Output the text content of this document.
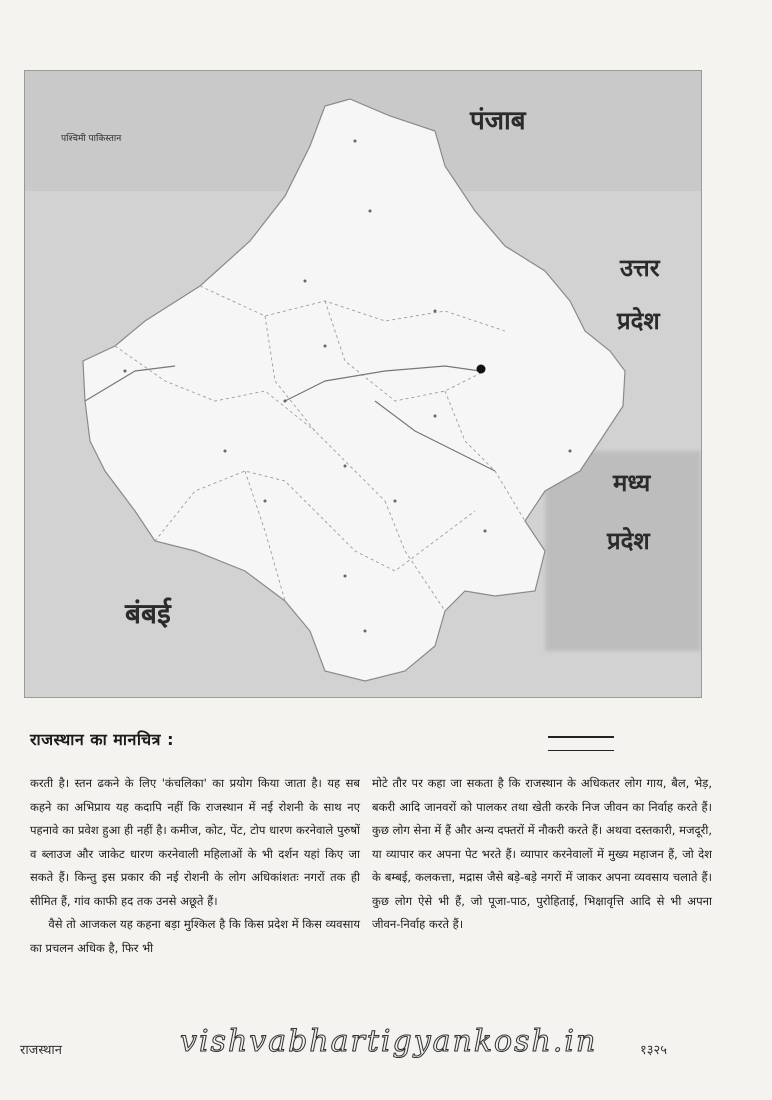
पंजाब
उत्तर
प्रदेश
मध्य
प्रदेश
बंबई
पश्चिमी पाकिस्तान
राजस्थान का मानचित्र :

करती है। स्तन ढकने के लिए 'कंचलिका' का प्रयोग किया जाता है। यह सब कहने का अभिप्राय यह कदापि नहीं कि राजस्थान में नई रोशनी के साथ नए पहनावे का प्रवेश हुआ ही नहीं है। कमीज, कोट, पेंट, टोप धारण करनेवाले पुरुषों व ब्लाउज और जाकेट धारण करनेवाली महिलाओं के भी दर्शन यहां किए जा सकते हैं। किन्तु इस प्रकार की नई रोशनी के लोग अधिकांशतः नगरों तक ही सीमित हैं, गांव काफी हद तक उनसे अछूते हैं।

वैसे तो आजकल यह कहना बड़ा मुश्किल है कि किस प्रदेश में किस व्यवसाय का प्रचलन अधिक है, फिर भी

मोटे तौर पर कहा जा सकता है कि राजस्थान के अधिकतर लोग गाय, बैल, भेड़, बकरी आदि जानवरों को पालकर तथा खेती करके निज जीवन का निर्वाह करते हैं। कुछ लोग सेना में हैं और अन्य दफ्तरों में नौकरी करते हैं। अथवा दस्तकारी, मजदूरी, या व्यापार कर अपना पेट भरते हैं। व्यापार करनेवालों में मुख्य महाजन हैं, जो देश के बम्बई, कलकत्ता, मद्रास जैसे बड़े-बड़े नगरों में जाकर अपना व्यवसाय चलाते हैं। कुछ लोग ऐसे भी हैं, जो पूजा-पाठ, पुरोहिताई, भिक्षावृत्ति आदि से भी अपना जीवन-निर्वाह करते हैं।

राजस्थान	vishvabhartigyankosh.in	१३२५
